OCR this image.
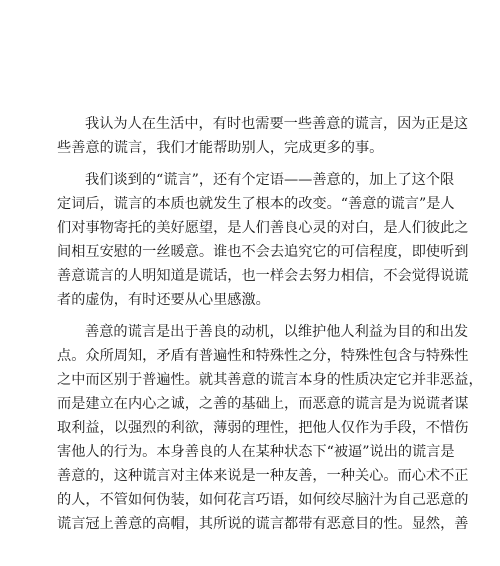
我认为人在生活中，有时也需要一些善意的谎言，因为正是这
些善意的谎言，我们才能帮助别人，完成更多的事。
我们谈到的“谎言”，还有个定语——善意的，加上了这个限
定词后，谎言的本质也就发生了根本的改变。“善意的谎言”是人
们对事物寄托的美好愿望，是人们善良心灵的对白，是人们彼此之
间相互安慰的一丝暖意。谁也不会去追究它的可信程度，即使听到
善意谎言的人明知道是谎话，也一样会去努力相信，不会觉得说谎
者的虚伪，有时还要从心里感激。
善意的谎言是出于善良的动机，以维护他人利益为目的和出发
点。众所周知，矛盾有普遍性和特殊性之分，特殊性包含与特殊性
之中而区别于普遍性。就其善意的谎言本身的性质决定它并非恶益，
而是建立在内心之诚，之善的基础上，而恶意的谎言是为说谎者谋
取利益，以强烈的利欲，薄弱的理性，把他人仅作为手段，不惜伤
害他人的行为。本身善良的人在某种状态下“被逼”说出的谎言是
善意的，这种谎言对主体来说是一种友善，一种关心。而心术不正
的人，不管如何伪装，如何花言巧语，如何绞尽脑汁为自己恶意的
谎言冠上善意的高帽，其所说的谎言都带有恶意目的性。显然，善
